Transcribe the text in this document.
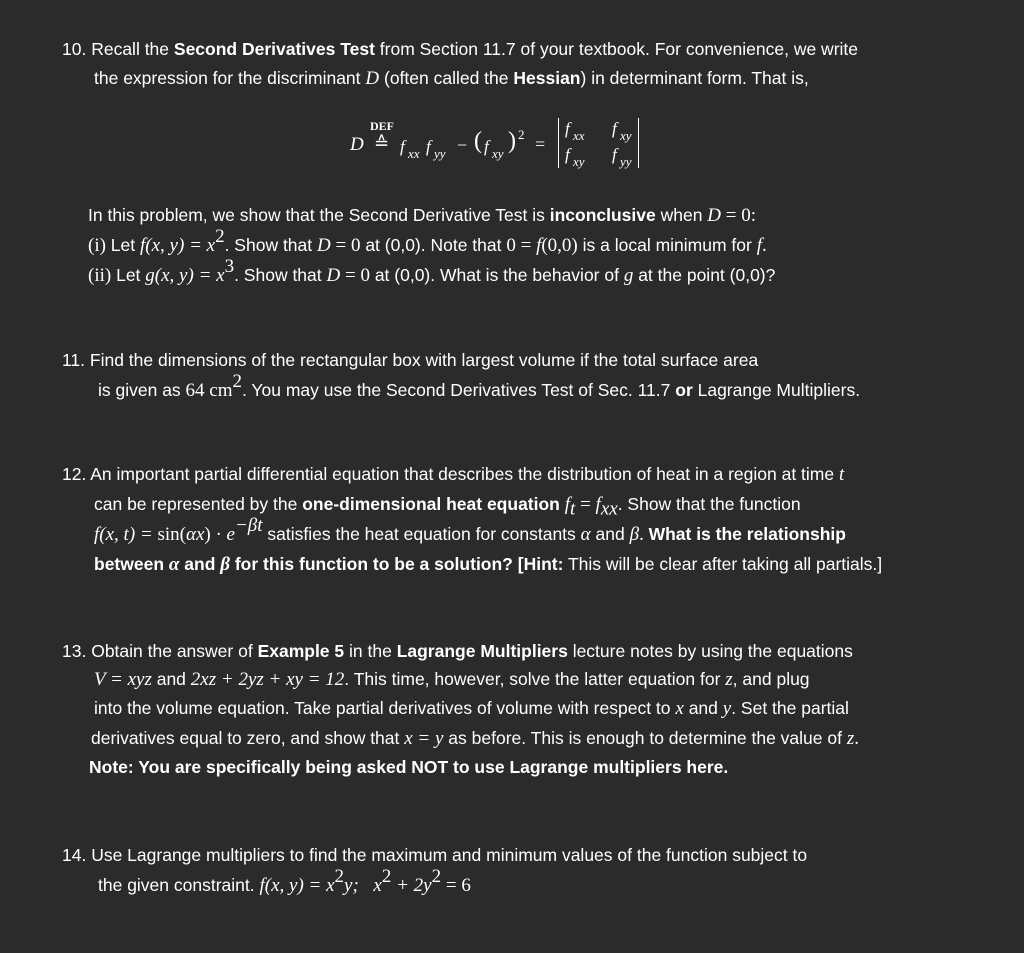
10. Recall the Second Derivatives Test from Section 11.7 of your textbook. For convenience, we write
the expression for the discriminant D (often called the Hessian) in determinant form. That is,
DEF
D ≙ f xx f yy − ( f xy ) 2 =
f xx f xy
f xy f yy
In this problem, we show that the Second Derivative Test is inconclusive when D = 0:
(i) Let f(x, $y) = x^2$. Show that D = 0 at (0,0). Note that 0 = f(0,0) is a local minimum for f.
(ii) Let g(x, $y) = x^3$. Show that D = 0 at (0,0). What is the behavior of g at the point (0,0)?
11. Find the dimensions of the rectangular box with largest volume if the total surface area
is given as 64 $cm^2$. You may use the Second Derivatives Test of Sec. 11.7 or Lagrange Multipliers.
12. An important partial differential equation that describes the distribution of heat in a region at time t
can be represented by the one-dimensional heat equation $f_t = f_{xx}$. Show that the function
f(x, $t) = \sin(\alpha x) \cdot e^{-\beta t}$ satisfies the heat equation for constants α and β. What is the relationship
between α and β for this function to be a solution? [Hint: This will be clear after taking all partials.]
13. Obtain the answer of Example 5 in the Lagrange Multipliers lecture notes by using the equations
V = xyz and 2xz + 2yz + xy = 12. This time, however, solve the latter equation for z, and plug
into the volume equation. Take partial derivatives of volume with respect to x and y. Set the partial
derivatives equal to zero, and show that x = y as before. This is enough to determine the value of z.
Note: You are specifically being asked NOT to use Lagrange multipliers here.
14. Use Lagrange multipliers to find the maximum and minimum values of the function subject to
the given constraint. f(x, $y) = x^2y$; $x^2 + 2y^2 = 6$
